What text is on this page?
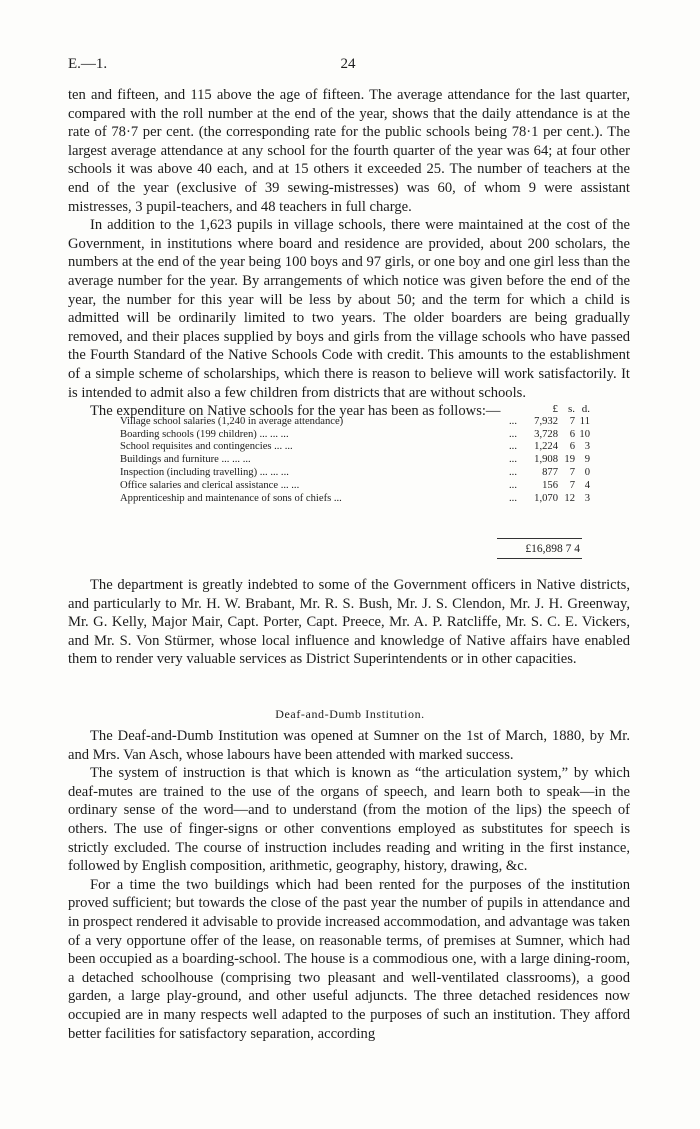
E.—1.	24

ten and fifteen, and 115 above the age of fifteen. The average attendance for the last quarter, compared with the roll number at the end of the year, shows that the daily attendance is at the rate of 78·7 per cent. (the corresponding rate for the public schools being 78·1 per cent.). The largest average attendance at any school for the fourth quarter of the year was 64; at four other schools it was above 40 each, and at 15 others it exceeded 25. The number of teachers at the end of the year (exclusive of 39 sewing-mistresses) was 60, of whom 9 were assistant mistresses, 3 pupil-teachers, and 48 teachers in full charge.

In addition to the 1,623 pupils in village schools, there were maintained at the cost of the Government, in institutions where board and residence are provided, about 200 scholars, the numbers at the end of the year being 100 boys and 97 girls, or one boy and one girl less than the average number for the year. By arrangements of which notice was given before the end of the year, the number for this year will be less by about 50; and the term for which a child is admitted will be ordinarily limited to two years. The older boarders are being gradually removed, and their places supplied by boys and girls from the village schools who have passed the Fourth Standard of the Native Schools Code with credit. This amounts to the establishment of a simple scheme of scholarships, which there is reason to believe will work satisfactorily. It is intended to admit also a few children from districts that are without schools.

The expenditure on Native schools for the year has been as follows:—

			£	s.	d.
Village school salaries (1,240 in average attendance)	...	7,932	7	11
Boarding schools (199 children) ... ... ...	...	3,728	6	10
School requisites and contingencies ... ...	...	1,224	6	3
Buildings and furniture ... ... ...	...	1,908	19	9
Inspection (including travelling) ... ... ...	...	877	7	0
Office salaries and clerical assistance ... ...	...	156	7	4
Apprenticeship and maintenance of sons of chiefs ...	...	1,070	12	3
£16,898 7 4

The department is greatly indebted to some of the Government officers in Native districts, and particularly to Mr. H. W. Brabant, Mr. R. S. Bush, Mr. J. S. Clendon, Mr. J. H. Greenway, Mr. G. Kelly, Major Mair, Capt. Porter, Capt. Preece, Mr. A. P. Ratcliffe, Mr. S. C. E. Vickers, and Mr. S. Von Stürmer, whose local influence and knowledge of Native affairs have enabled them to render very valuable services as District Superintendents or in other capacities.

Deaf-and-Dumb Institution.

The Deaf-and-Dumb Institution was opened at Sumner on the 1st of March, 1880, by Mr. and Mrs. Van Asch, whose labours have been attended with marked success.

The system of instruction is that which is known as “the articulation system,” by which deaf-mutes are trained to the use of the organs of speech, and learn both to speak—in the ordinary sense of the word—and to understand (from the motion of the lips) the speech of others. The use of finger-signs or other conventions employed as substitutes for speech is strictly excluded. The course of instruction includes reading and writing in the first instance, followed by English composition, arithmetic, geography, history, drawing, &c.

For a time the two buildings which had been rented for the purposes of the institution proved sufficient; but towards the close of the past year the number of pupils in attendance and in prospect rendered it advisable to provide increased accommodation, and advantage was taken of a very opportune offer of the lease, on reasonable terms, of premises at Sumner, which had been occupied as a boarding-school. The house is a commodious one, with a large dining-room, a detached schoolhouse (comprising two pleasant and well-ventilated classrooms), a good garden, a large play-ground, and other useful adjuncts. The three detached residences now occupied are in many respects well adapted to the purposes of such an institution. They afford better facilities for satisfactory separation, according
